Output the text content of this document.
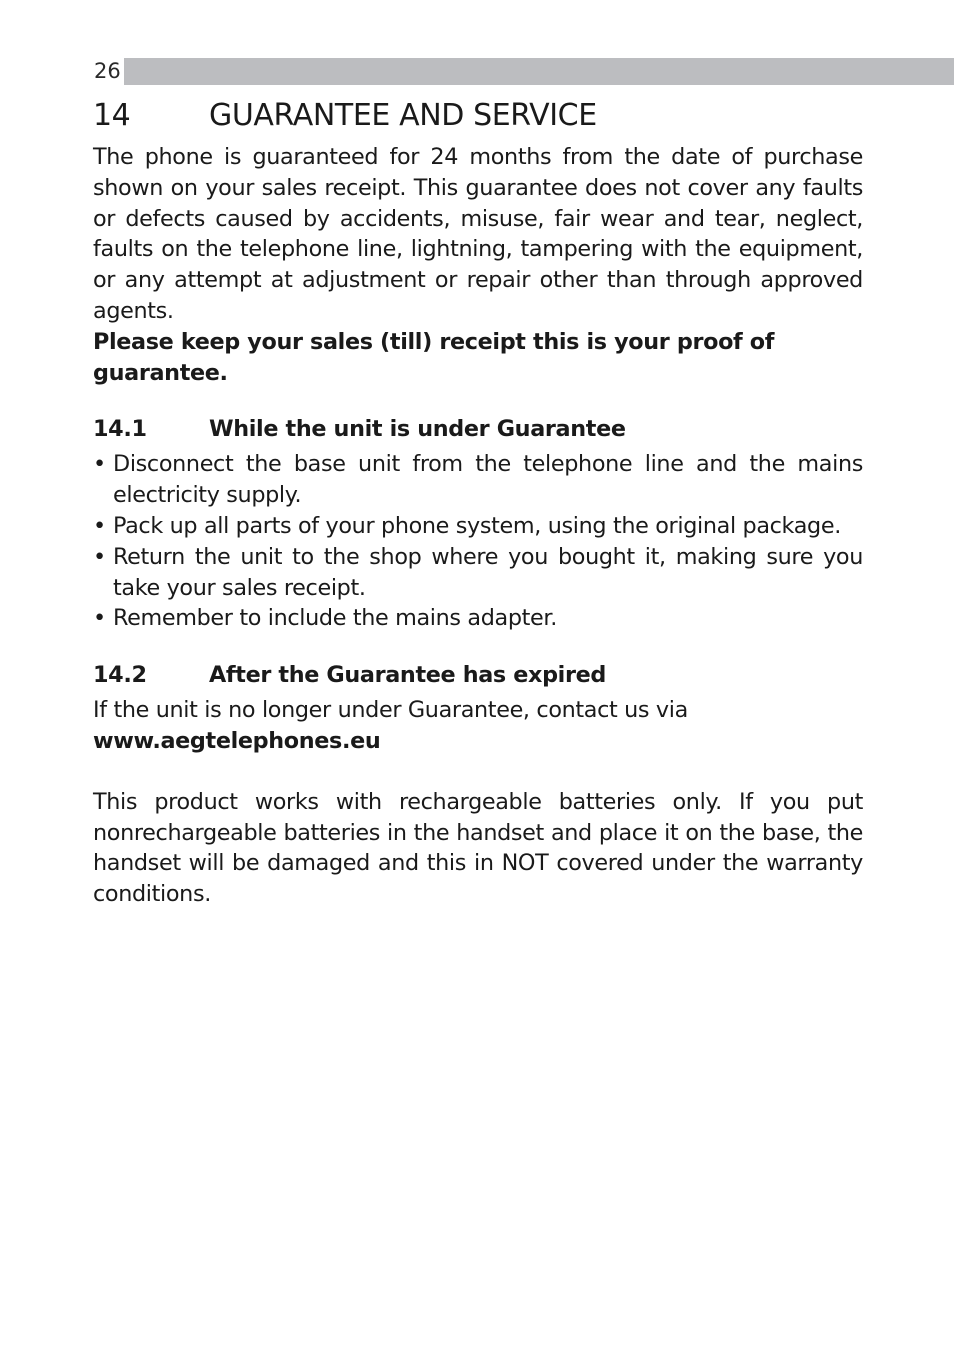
26
14	GUARANTEE AND SERVICE

The phone is guaranteed for 24 months from the date of purchase shown on your sales receipt. This guarantee does not cover any faults or defects caused by accidents, misuse, fair wear and tear, neglect, faults on the telephone line, lightning, tampering with the equipment, or any attempt at adjustment or repair other than through approved agents.

Please keep your sales (till) receipt this is your proof of guarantee.

14.1	While the unit is under Guarantee
• Disconnect the base unit from the telephone line and the mains electricity supply.
• Pack up all parts of your phone system, using the original package.
• Return the unit to the shop where you bought it, making sure you take your sales receipt.
• Remember to include the mains adapter.
14.2	After the Guarantee has expired

If the unit is no longer under Guarantee, contact us via

www.aegtelephones.eu

This product works with rechargeable batteries only. If you put nonrechargeable batteries in the handset and place it on the base, the handset will be damaged and this in NOT covered under the warranty conditions.
